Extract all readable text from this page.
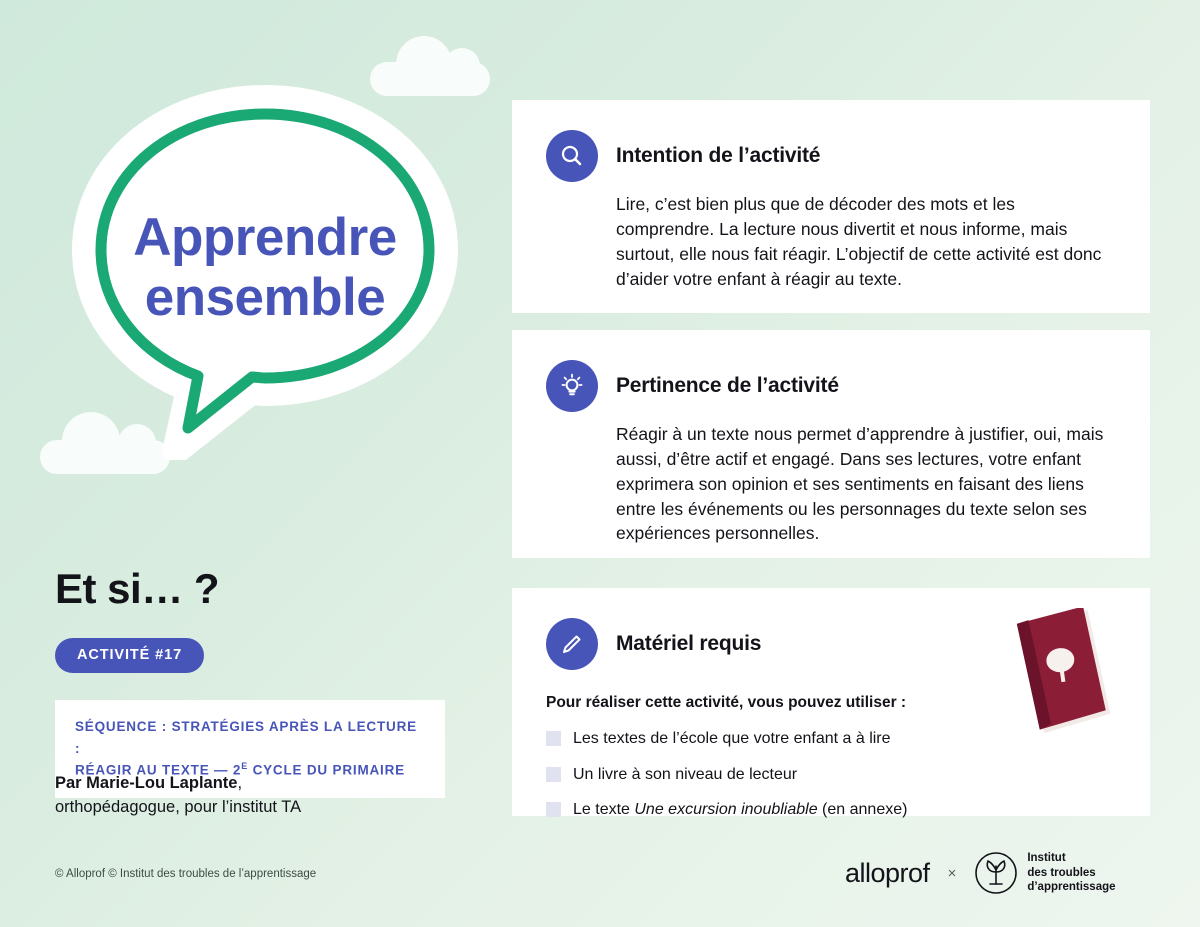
Apprendre
ensemble
Et si… ?
ACTIVITÉ #17
SÉQUENCE : STRATÉGIES APRÈS LA LECTURE :
RÉAGIR AU TEXTE — $2^E$ CYCLE DU PRIMAIRE
Par Marie-Lou Laplante,
orthopédagogue, pour l’institut TA
© Alloprof © Institut des troubles de l’apprentissage
Intention de l’activité
Lire, c’est bien plus que de décoder des mots et les comprendre. La lecture nous divertit et nous informe, mais surtout, elle nous fait réagir. L’objectif de cette activité est donc d’aider votre enfant à réagir au texte.
Pertinence de l’activité
Réagir à un texte nous permet d’apprendre à justifier, oui, mais aussi, d’être actif et engagé. Dans ses lectures, votre enfant exprimera son opinion et ses sentiments en faisant des liens entre les événements ou les personnages du texte selon ses expériences personnelles.
Matériel requis
Pour réaliser cette activité, vous pouvez utiliser :
Les textes de l’école que votre enfant a à lire
Un livre à son niveau de lecteur
Le texte Une excursion inoubliable (en annexe)
alloprof ×
Institut
des troubles
d’apprentissage
